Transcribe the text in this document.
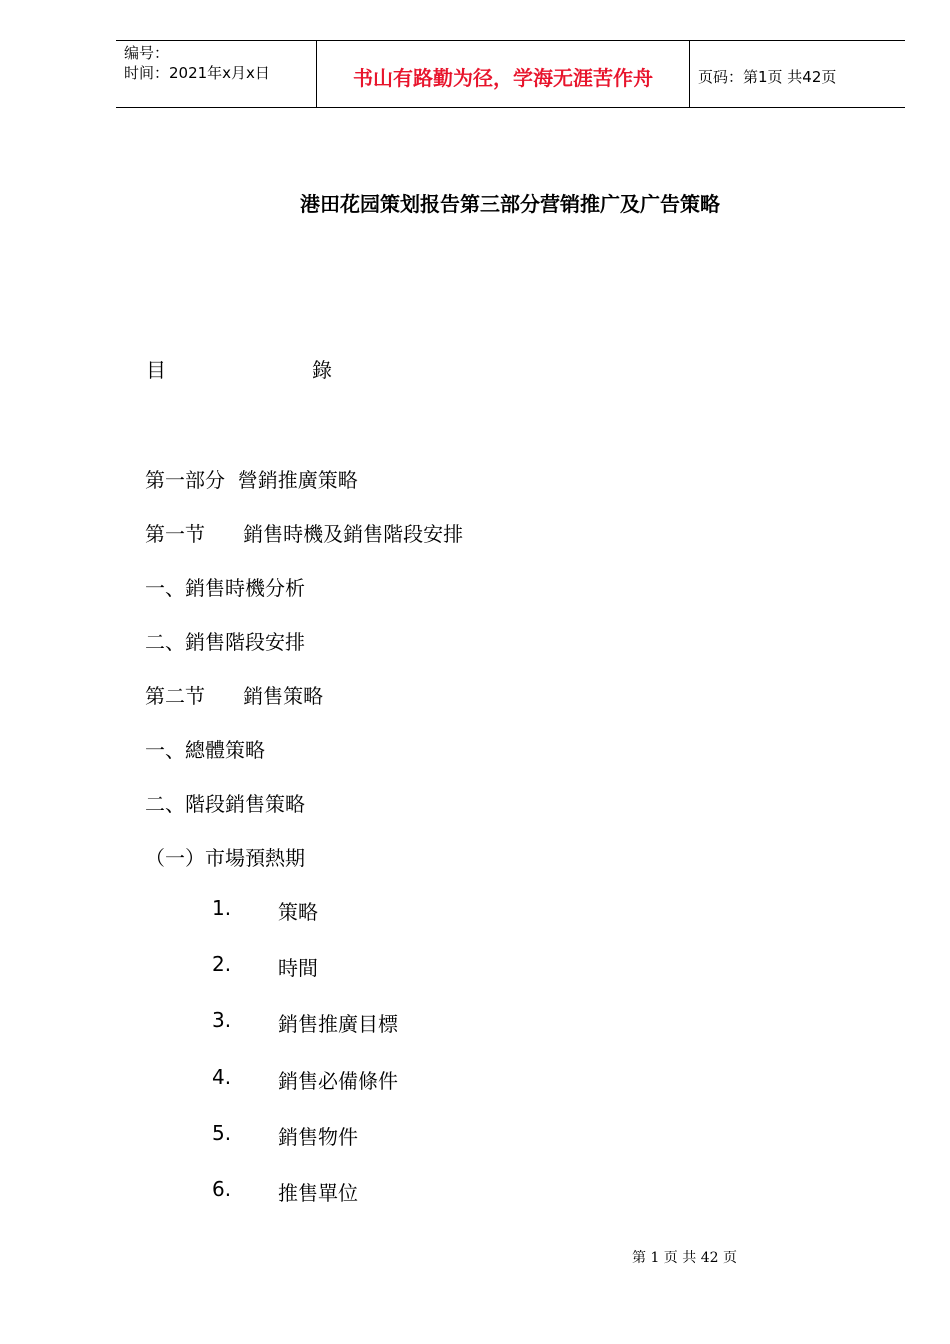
编号：
时间：2021年x月x日	书山有路勤为径，学海无涯苦作舟	页码：第1页 共42页
港田花园策划报告第三部分营销推广及广告策略
目	錄
第一部分  營銷推廣策略
第一节      銷售時機及銷售階段安排
一、銷售時機分析
二、銷售階段安排
第二节      銷售策略
一、總體策略
二、階段銷售策略
（一）市場預熱期
1. 策略
2. 時間
3. 銷售推廣目標
4. 銷售必備條件
5. 銷售物件
6. 推售單位
第 1 页 共 42 页
